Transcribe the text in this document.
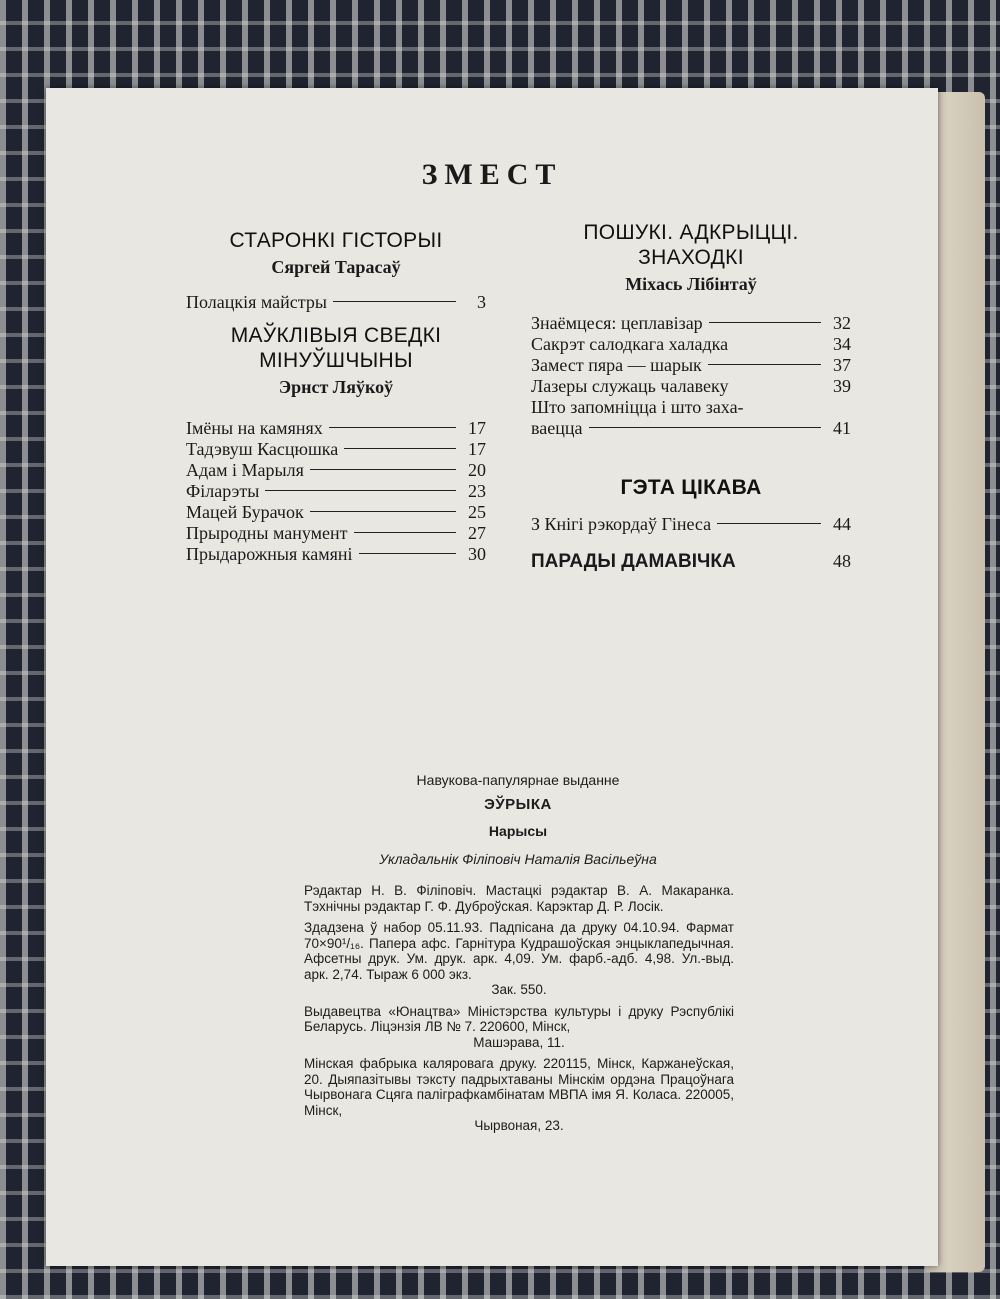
ЗМЕСТ
СТАРОНКІ ГІСТОРЫІ
Сяргей Тарасаў
Полацкія майстры	3
МАЎКЛІВЫЯ СВЕДКІ
МІНУЎШЧЫНЫ
Эрнст Ляўкоў
Імёны на камянях	17
Тадэвуш Касцюшка	17
Адам і Марыля	20
Філарэты	23
Мацей Бурачок	25
Прыродны манумент	27
Прыдарожныя камяні	30
ПОШУКІ. АДКРЫЦЦІ.
ЗНАХОДКІ
Міхась Лібінтаў
Знаёмцеся: цеплавізар	32
Сакрэт салодкага халадка	34
Замест пяра — шарык	37
Лазеры служаць чалавеку	39
Што запомніцца і што заха-
ваецца	41
ГЭТА ЦІКАВА
З Кнігі рэкордаў Гінеса	44
ПАРАДЫ ДАМАВІЧКА	48
Навукова-папулярнае выданне
ЭЎРЫКА
Нарысы
Укладальнік Філіповіч Наталія Васільеўна

Рэдактар Н. В. Філіповіч. Мастацкі рэдактар В. А. Макаранка. Тэхнічны рэдактар Г. Ф. Дуброўская. Карэктар Д. Р. Лосік.

Здадзена ў набор 05.11.93. Падпісана да друку 04.10.94. Фармат 70×90¹/₁₆. Папера афс. Гарнітура Кудрашоўская энцыклапедычная. Афсетны друк. Ум. друк. арк. 4,09. Ум. фарб.-адб. 4,98. Ул.-выд. арк. 2,74. Тыраж 6 000 экз.
Зак. 550.

Выдавецтва «Юнацтва» Міністэрства культуры і друку Рэспублікі Беларусь. Ліцэнзія ЛВ № 7. 220600, Мінск,
Машэрава, 11.

Мінская фабрыка каляровага друку. 220115, Мінск, Каржанеўская, 20. Дыяпазітывы тэксту падрыхтаваны Мінскім ордэна Працоўнага Чырвонага Сцяга паліграфкамбінатам МВПА імя Я. Коласа. 220005, Мінск,
Чырвоная, 23.
